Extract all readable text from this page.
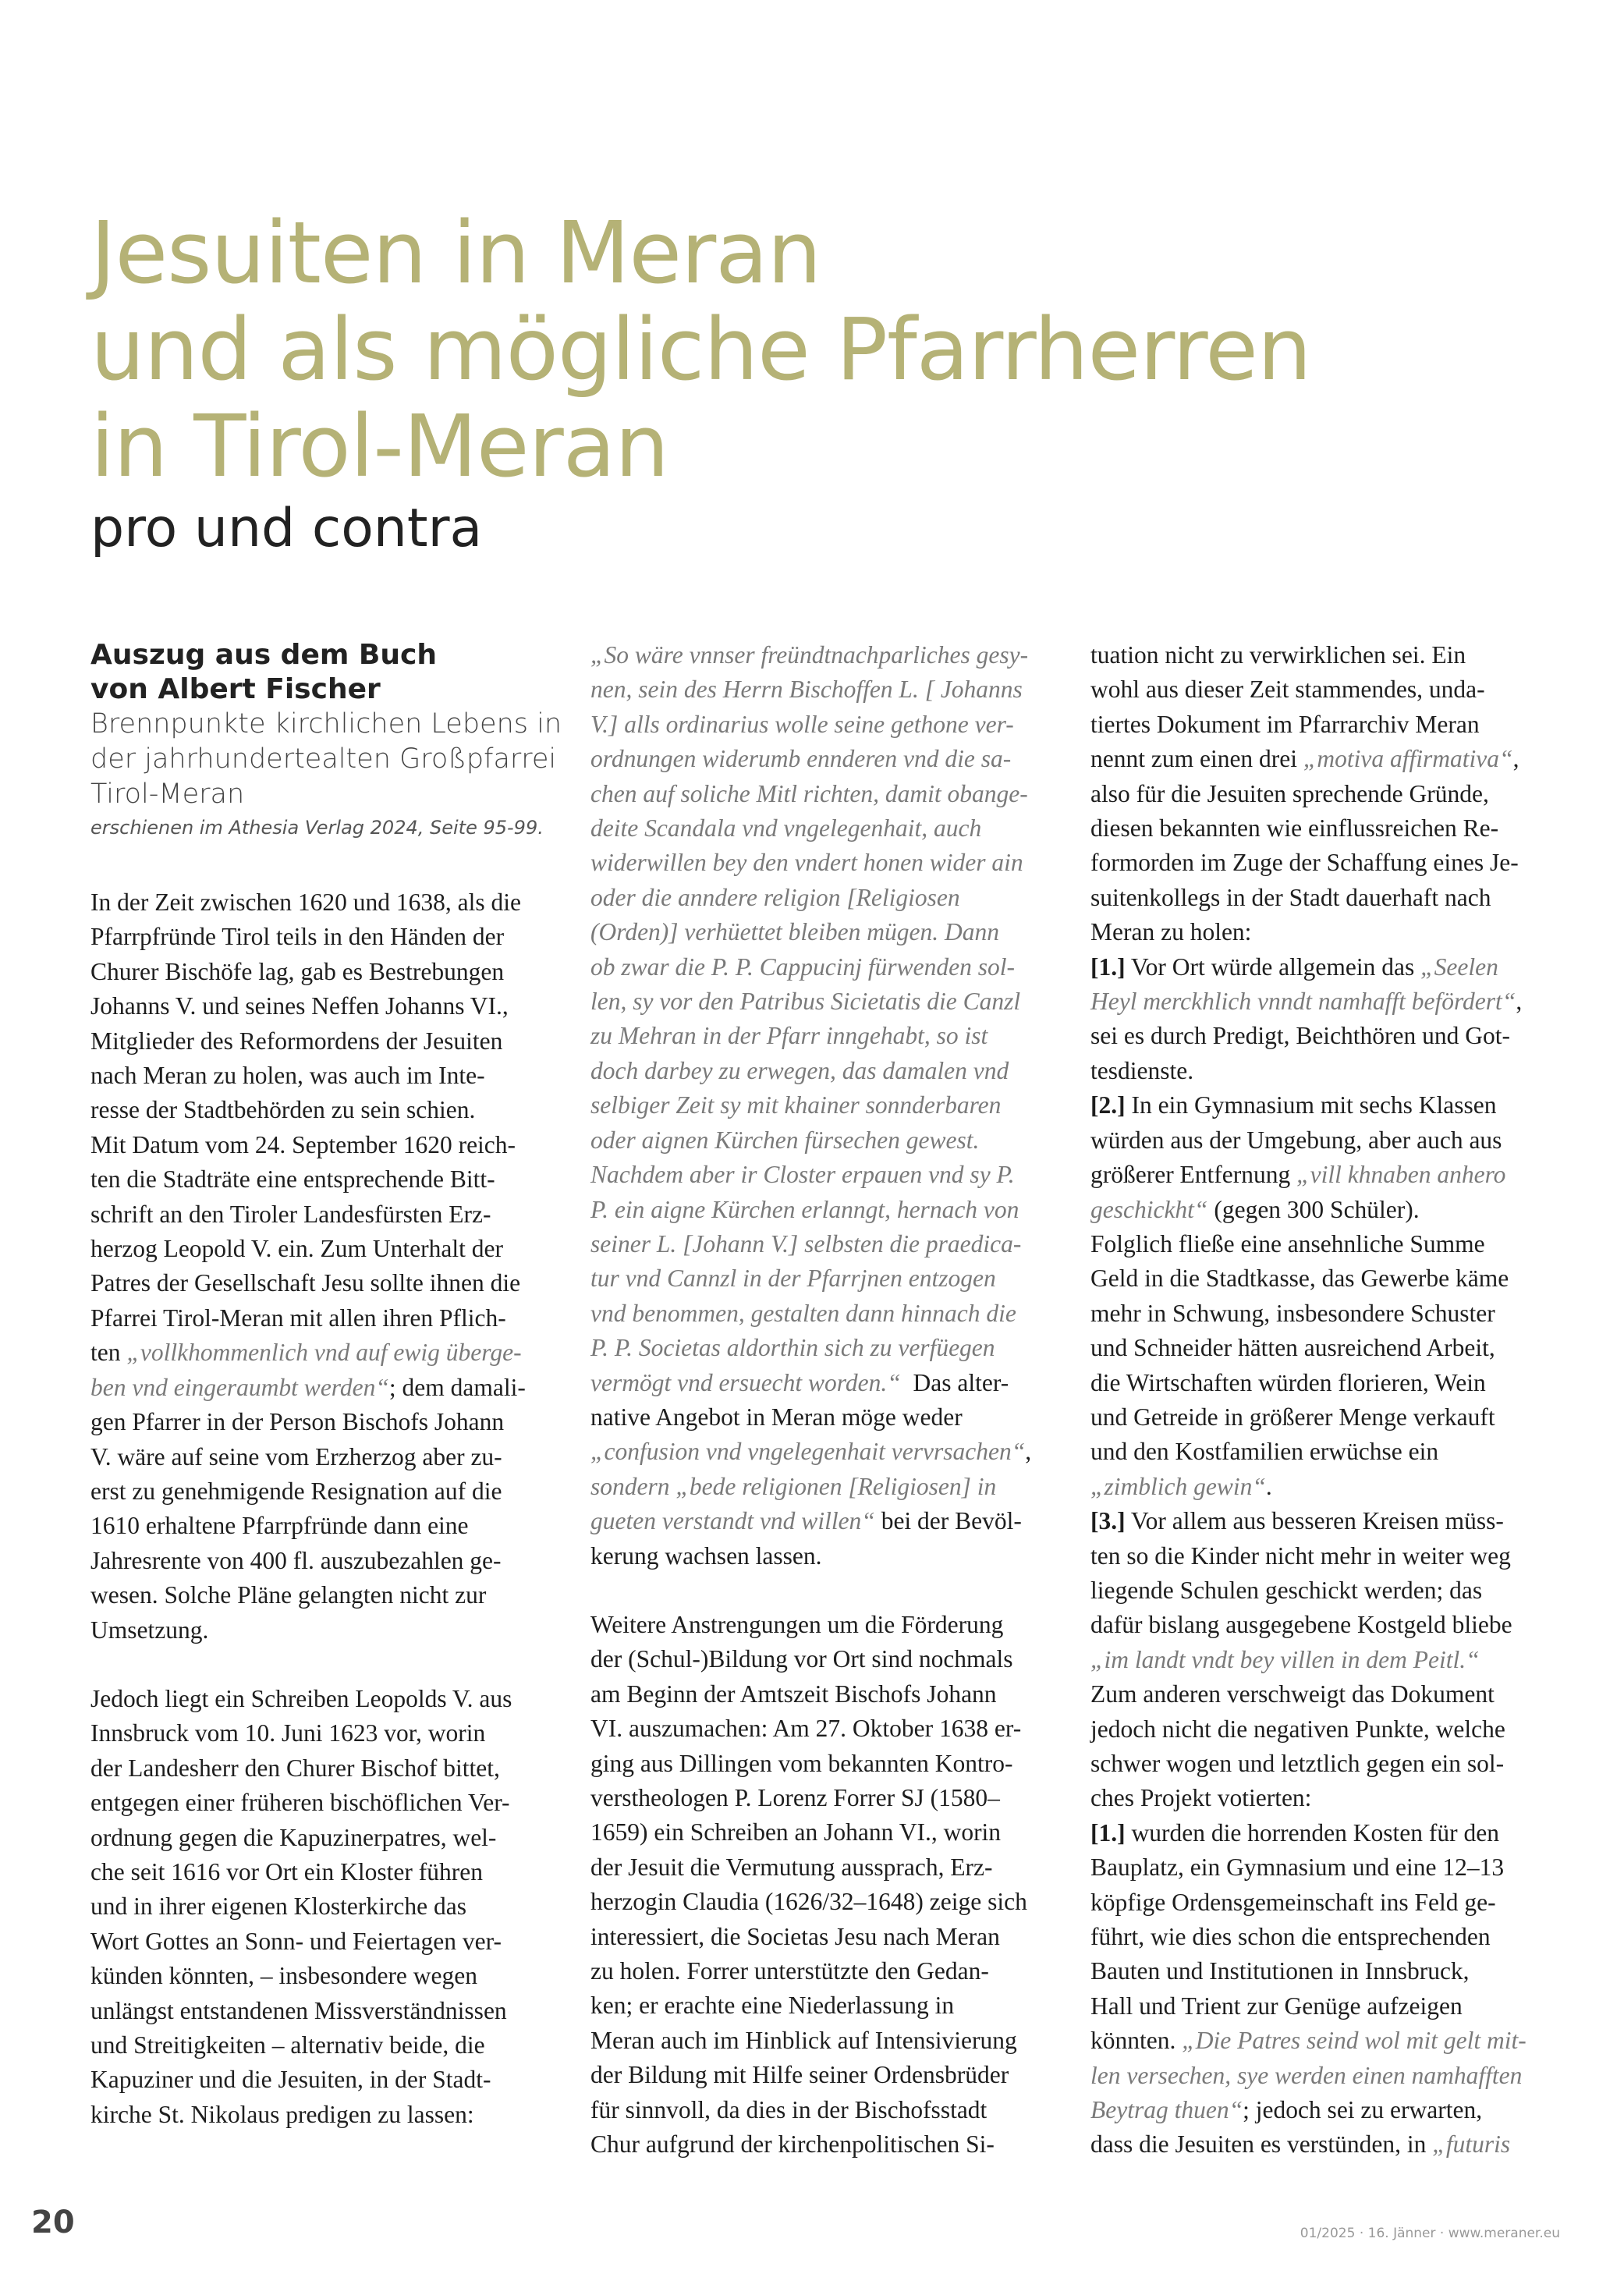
Jesuiten in Meran
und als mögliche Pfarrherren
in Tirol-Meran
pro und contra
Auszug aus dem Buch
von Albert Fischer
Brennpunkte kirchlichen Lebens in
der jahrhundertealten Großpfarrei
Tirol-Meran
erschienen im Athesia Verlag 2024, Seite 95-99.
In der Zeit zwischen 1620 und 1638, als die
Pfarrpfründe Tirol teils in den Händen der
Churer Bischöfe lag, gab es Bestrebungen
Johanns V. und seines Neffen Johanns VI.,
Mitglieder des Reformordens der Jesuiten
nach Meran zu holen, was auch im Inte-
resse der Stadtbehörden zu sein schien.
Mit Datum vom 24. September 1620 reich-
ten die Stadträte eine entsprechende Bitt-
schrift an den Tiroler Landesfürsten Erz-
herzog Leopold V. ein. Zum Unterhalt der
Patres der Gesellschaft Jesu sollte ihnen die
Pfarrei Tirol-Meran mit allen ihren Pflich-
ten „vollkhommenlich vnd auf ewig überge-
ben vnd eingeraumbt werden“; dem damali-
gen Pfarrer in der Person Bischofs Johann
V. wäre auf seine vom Erzherzog aber zu-
erst zu genehmigende Resignation auf die
1610 erhaltene Pfarrpfründe dann eine
Jahresrente von 400 fl. auszubezahlen ge-
wesen. Solche Pläne gelangten nicht zur
Umsetzung.
Jedoch liegt ein Schreiben Leopolds V. aus
Innsbruck vom 10. Juni 1623 vor, worin
der Landesherr den Churer Bischof bittet,
entgegen einer früheren bischöflichen Ver-
ordnung gegen die Kapuzinerpatres, wel-
che seit 1616 vor Ort ein Kloster führen
und in ihrer eigenen Klosterkirche das
Wort Gottes an Sonn- und Feiertagen ver-
künden könnten, – insbesondere wegen
unlängst entstandenen Missverständnissen
und Streitigkeiten – alternativ beide, die
Kapuziner und die Jesuiten, in der Stadt-
kirche St. Nikolaus predigen zu lassen:
„So wäre vnnser freündtnachparliches gesy-
nen, sein des Herrn Bischoffen L. [ Johanns
V.] alls ordinarius wolle seine gethone ver-
ordnungen widerumb ennderen vnd die sa-
chen auf soliche Mitl richten, damit obange-
deite Scandala vnd vngelegenhait, auch
widerwillen bey den vndert honen wider ain
oder die anndere religion [Religiosen
(Orden)] verhüettet bleiben mügen. Dann
ob zwar die P. P. Cappucinj fürwenden sol-
len, sy vor den Patribus Sicietatis die Canzl
zu Mehran in der Pfarr inngehabt, so ist
doch darbey zu erwegen, das damalen vnd
selbiger Zeit sy mit khainer sonnderbaren
oder aignen Kürchen fürsechen gewest.
Nachdem aber ir Closter erpauen vnd sy P.
P. ein aigne Kürchen erlanngt, hernach von
seiner L. [Johann V.] selbsten die praedica-
tur vnd Cannzl in der Pfarrjnen entzogen
vnd benommen, gestalten dann hinnach die
P. P. Societas aldorthin sich zu verfüegen
vermögt vnd ersuecht worden.“  Das alter-
native Angebot in Meran möge weder
„confusion vnd vngelegenhait vervrsachen“,
sondern „bede religionen [Religiosen] in
gueten verstandt vnd willen“ bei der Bevöl-
kerung wachsen lassen.
Weitere Anstrengungen um die Förderung
der (Schul-)Bildung vor Ort sind nochmals
am Beginn der Amtszeit Bischofs Johann
VI. auszumachen: Am 27. Oktober 1638 er-
ging aus Dillingen vom bekannten Kontro-
verstheologen P. Lorenz Forrer SJ (1580–
1659) ein Schreiben an Johann VI., worin
der Jesuit die Vermutung aussprach, Erz-
herzogin Claudia (1626/32–1648) zeige sich
interessiert, die Societas Jesu nach Meran
zu holen. Forrer unterstützte den Gedan-
ken; er erachte eine Niederlassung in
Meran auch im Hinblick auf Intensivierung
der Bildung mit Hilfe seiner Ordensbrüder
für sinnvoll, da dies in der Bischofsstadt
Chur aufgrund der kirchenpolitischen Si-
tuation nicht zu verwirklichen sei. Ein
wohl aus dieser Zeit stammendes, unda-
tiertes Dokument im Pfarrarchiv Meran
nennt zum einen drei „motiva affirmativa“,
also für die Jesuiten sprechende Gründe,
diesen bekannten wie einflussreichen Re-
formorden im Zuge der Schaffung eines Je-
suitenkollegs in der Stadt dauerhaft nach
Meran zu holen:
[1.] Vor Ort würde allgemein das „Seelen
Heyl merckhlich vnndt namhafft befördert“,
sei es durch Predigt, Beichthören und Got-
tesdienste.
[2.] In ein Gymnasium mit sechs Klassen
würden aus der Umgebung, aber auch aus
größerer Entfernung „vill khnaben anhero
geschickht“ (gegen 300 Schüler).
Folglich fließe eine ansehnliche Summe
Geld in die Stadtkasse, das Gewerbe käme
mehr in Schwung, insbesondere Schuster
und Schneider hätten ausreichend Arbeit,
die Wirtschaften würden florieren, Wein
und Getreide in größerer Menge verkauft
und den Kostfamilien erwüchse ein
„zimblich gewin“.
[3.] Vor allem aus besseren Kreisen müss-
ten so die Kinder nicht mehr in weiter weg
liegende Schulen geschickt werden; das
dafür bislang ausgegebene Kostgeld bliebe
„im landt vndt bey villen in dem Peitl.“
Zum anderen verschweigt das Dokument
jedoch nicht die negativen Punkte, welche
schwer wogen und letztlich gegen ein sol-
ches Projekt votierten:
[1.] wurden die horrenden Kosten für den
Bauplatz, ein Gymnasium und eine 12–13
köpfige Ordensgemeinschaft ins Feld ge-
führt, wie dies schon die entsprechenden
Bauten und Institutionen in Innsbruck,
Hall und Trient zur Genüge aufzeigen
könnten. „Die Patres seind wol mit gelt mit-
len versechen, sye werden einen namhafften
Beytrag thuen“; jedoch sei zu erwarten,
dass die Jesuiten es verstünden, in „futuris
20	01/2025 · 16. Jänner · www.meraner.eu
